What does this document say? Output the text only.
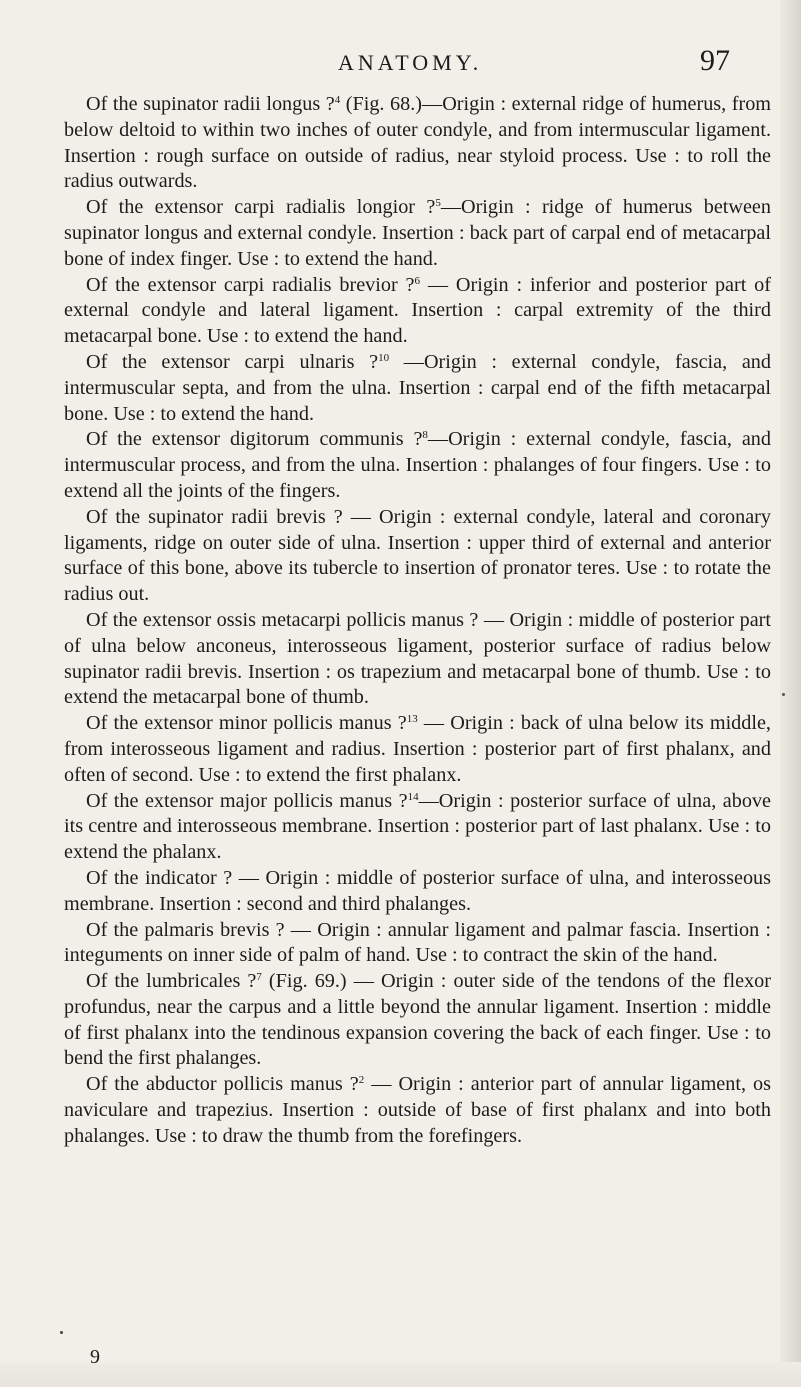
ANATOMY.	97

Of the supinator radii longus ?$^4$ (Fig. 68.)—Origin : external ridge of humerus, from below deltoid to within two inches of outer condyle, and from intermuscular ligament. Insertion : rough surface on outside of radius, near styloid process. Use : to roll the radius outwards.

Of the extensor carpi radialis longior ?$^5$—Origin : ridge of humerus between supinator longus and external condyle. Insertion : back part of carpal end of metacarpal bone of index finger. Use : to extend the hand.

Of the extensor carpi radialis brevior ?$^6$ — Origin : inferior and posterior part of external condyle and lateral ligament. Insertion : carpal extremity of the third metacarpal bone. Use : to extend the hand.

Of the extensor carpi ulnaris ?$^{10}$ —Origin : external condyle, fascia, and intermuscular septa, and from the ulna. Insertion : carpal end of the fifth metacarpal bone. Use : to extend the hand.

Of the extensor digitorum communis ?$^8$—Origin : external condyle, fascia, and intermuscular process, and from the ulna. Insertion : phalanges of four fingers. Use : to extend all the joints of the fingers.

Of the supinator radii brevis ? — Origin : external condyle, lateral and coronary ligaments, ridge on outer side of ulna. Insertion : upper third of external and anterior surface of this bone, above its tubercle to insertion of pronator teres. Use : to rotate the radius out.

Of the extensor ossis metacarpi pollicis manus ? — Origin : middle of posterior part of ulna below anconeus, interosseous ligament, posterior surface of radius below supinator radii brevis. Insertion : os trapezium and metacarpal bone of thumb. Use : to extend the metacarpal bone of thumb.

Of the extensor minor pollicis manus ?$^{13}$ — Origin : back of ulna below its middle, from interosseous ligament and radius. Insertion : posterior part of first phalanx, and often of second. Use : to extend the first phalanx.

Of the extensor major pollicis manus ?$^{14}$—Origin : posterior surface of ulna, above its centre and interosseous membrane. Insertion : posterior part of last phalanx. Use : to extend the phalanx.

Of the indicator ? — Origin : middle of posterior surface of ulna, and interosseous membrane. Insertion : second and third phalanges.

Of the palmaris brevis ? — Origin : annular ligament and palmar fascia. Insertion : integuments on inner side of palm of hand. Use : to contract the skin of the hand.

Of the lumbricales ?$^7$ (Fig. 69.) — Origin : outer side of the tendons of the flexor profundus, near the carpus and a little beyond the annular ligament. Insertion : middle of first phalanx into the tendinous expansion covering the back of each finger. Use : to bend the first phalanges.

Of the abductor pollicis manus ?$^2$ — Origin : anterior part of annular ligament, os naviculare and trapezius. Insertion : outside of base of first phalanx and into both phalanges. Use : to draw the thumb from the forefingers.

9
